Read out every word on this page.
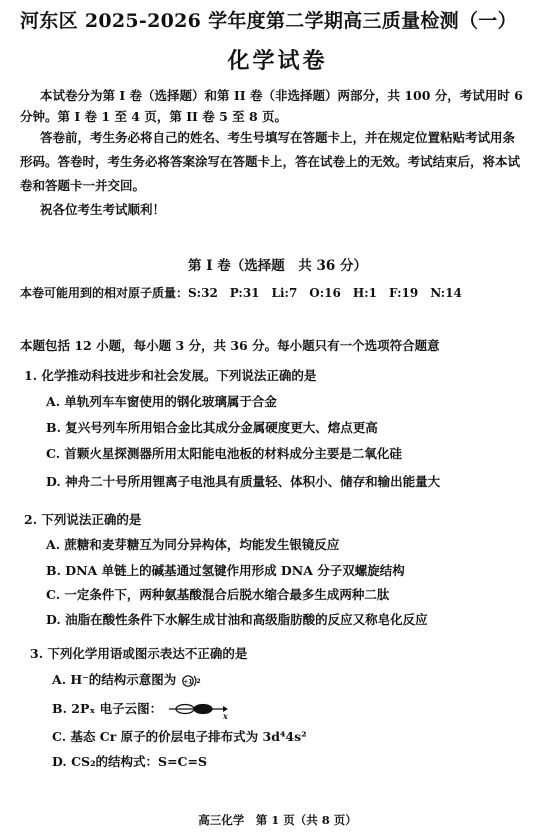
河东区 2025-2026 学年度第二学期高三质量检测（一）
化学试卷
本试卷分为第 I 卷（选择题）和第 II 卷（非选择题）两部分，共 100 分，考试用时 6
分钟。第 I 卷 1 至 4 页，第 II 卷 5 至 8 页。
答卷前，考生务必将自己的姓名、考生号填写在答题卡上，并在规定位置粘贴考试用条
形码。答卷时，考生务必将答案涂写在答题卡上，答在试卷上的无效。考试结束后，将本试
卷和答题卡一并交回。
祝各位考生考试顺利！
第 I 卷（选择题　共 36 分）
本卷可能用到的相对原子质量：S:32　P:31　Li:7　O:16　H:1　F:19　N:14
本题包括 12 小题，每小题 3 分，共 36 分。每小题只有一个选项符合题意
1. 化学推动科技进步和社会发展。下列说法正确的是
A. 单轨列车车窗使用的钢化玻璃属于合金
B. 复兴号列车所用铝合金比其成分金属硬度更大、熔点更高
C. 首颗火星探测器所用太阳能电池板的材料成分主要是二氧化硅
D. 神舟二十号所用锂离子电池具有质量轻、体积小、储存和输出能量大
2. 下列说法正确的是
A. 蔗糖和麦芽糖互为同分异构体，均能发生银镜反应
B. DNA 单链上的碱基通过氢键作用形成 DNA 分子双螺旋结构
C. 一定条件下，两种氨基酸混合后脱水缩合最多生成两种二肽
D. 油脂在酸性条件下水解生成甘油和高级脂肪酸的反应又称皂化反应
3. 下列化学用语或图示表达不正确的是
A. H⁻的结构示意图为 +1 2
B. 2Pₓ 电子云图：	x
C. 基态 Cr 原子的价层电子排布式为 3d⁴4s²
D. CS₂的结构式：S=C=S
高三化学　第 1 页（共 8 页）
